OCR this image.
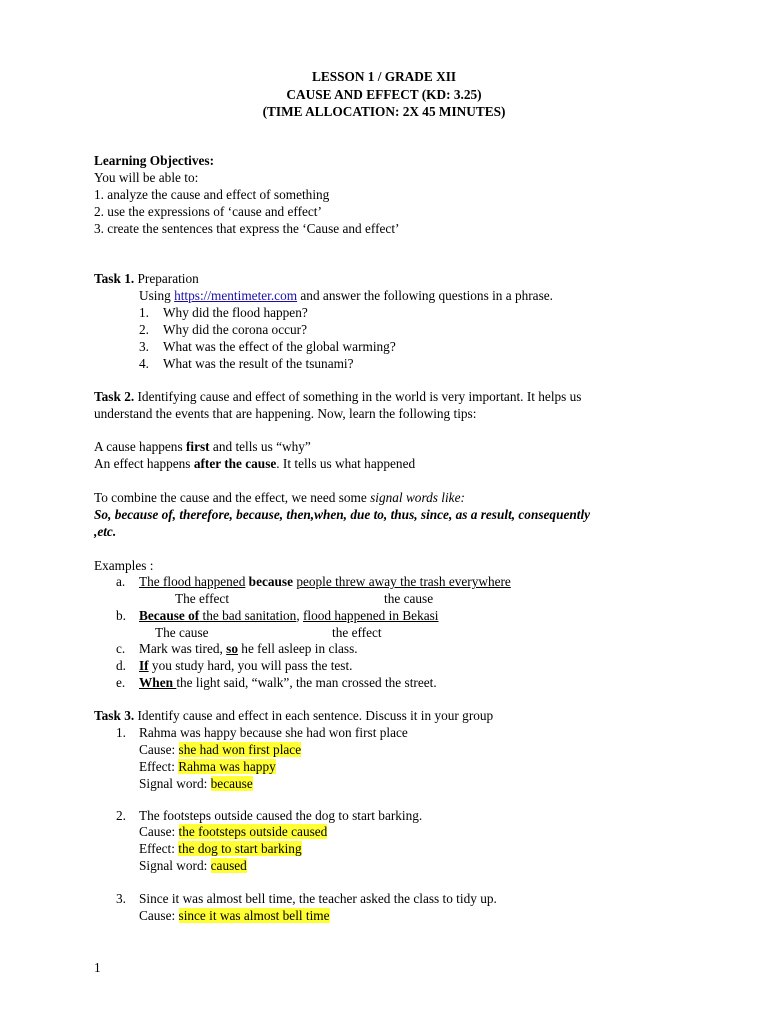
LESSON 1 / GRADE XII
CAUSE AND EFFECT (KD: 3.25)
(TIME ALLOCATION: 2X 45 MINUTES)
Learning Objectives:
You will be able to:
1. analyze the cause and effect of something
2. use the expressions of ‘cause and effect’
3. create the sentences that express the ‘Cause and effect’
Task 1. Preparation
Using https://mentimeter.com and answer the following questions in a phrase.
1. Why did the flood happen?
2. Why did the corona occur?
3. What was the effect of the global warming?
4. What was the result of the tsunami?
Task 2. Identifying cause and effect of something in the world is very important. It helps us
understand the events that are happening. Now, learn the following tips:
A cause happens first and tells us “why”
An effect happens after the cause. It tells us what happened
To combine the cause and the effect, we need some signal words like:
So, because of, therefore, because, then,when, due to, thus, since, as a result, consequently
,etc.
Examples :
a. The flood happened because people threw away the trash everywhere
The effect	the cause
b. Because of the bad sanitation, flood happened in Bekasi
The cause	the effect
c. Mark was tired, so he fell asleep in class.
d. If you study hard, you will pass the test.
e. When the light said, “walk”, the man crossed the street.
Task 3. Identify cause and effect in each sentence. Discuss it in your group
1. Rahma was happy because she had won first place
Cause: she had won first place
Effect: Rahma was happy
Signal word: because
2. The footsteps outside caused the dog to start barking.
Cause: the footsteps outside caused
Effect: the dog to start barking
Signal word: caused
3. Since it was almost bell time, the teacher asked the class to tidy up.
Cause: since it was almost bell time
1
